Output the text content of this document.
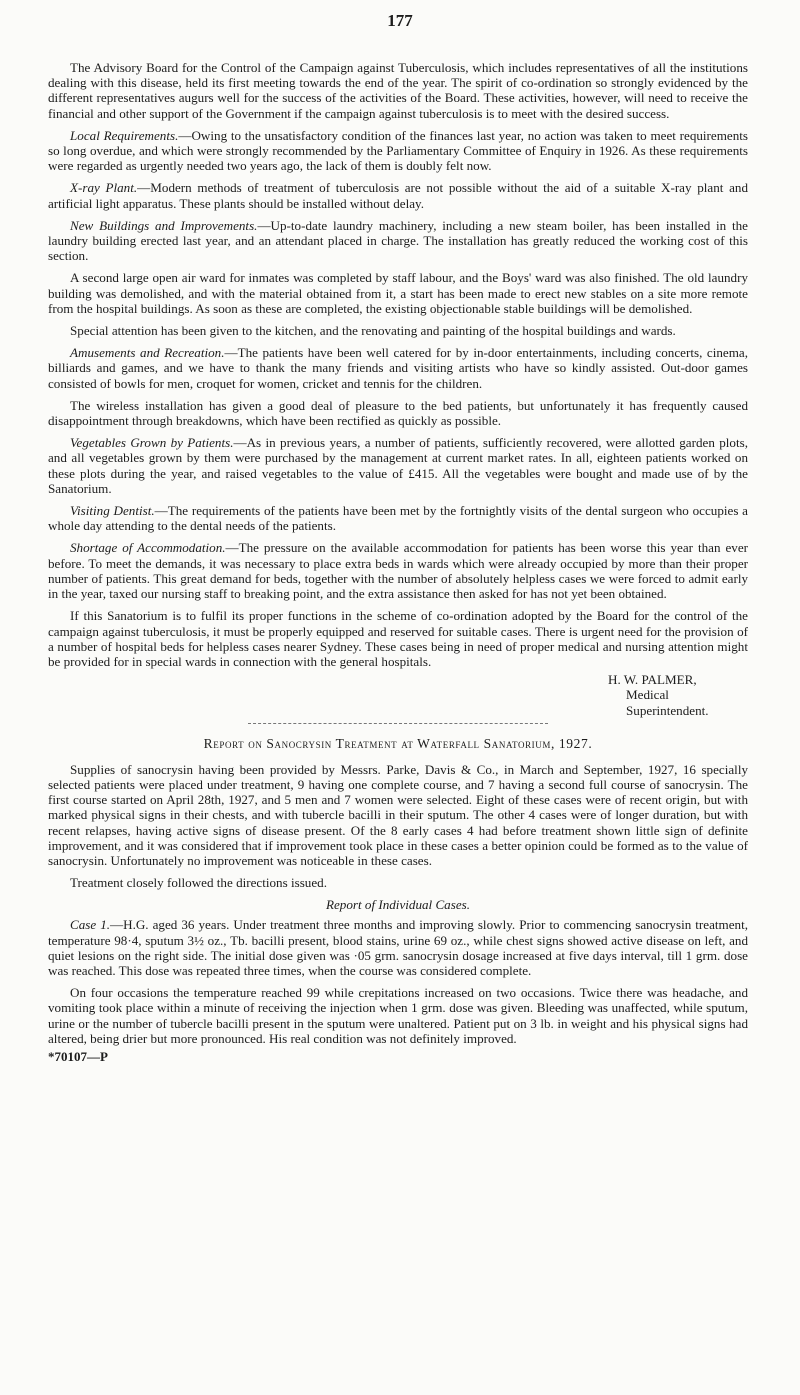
177

The Advisory Board for the Control of the Campaign against Tuberculosis, which includes representatives of all the institutions dealing with this disease, held its first meeting towards the end of the year. The spirit of co-ordination so strongly evidenced by the different representatives augurs well for the success of the activities of the Board. These activities, however, will need to receive the financial and other support of the Government if the campaign against tuberculosis is to meet with the desired success.

Local Requirements.—Owing to the unsatisfactory condition of the finances last year, no action was taken to meet requirements so long overdue, and which were strongly recommended by the Parliamentary Committee of Enquiry in 1926. As these requirements were regarded as urgently needed two years ago, the lack of them is doubly felt now.

X-ray Plant.—Modern methods of treatment of tuberculosis are not possible without the aid of a suitable X-ray plant and artificial light apparatus. These plants should be installed without delay.

New Buildings and Improvements.—Up-to-date laundry machinery, including a new steam boiler, has been installed in the laundry building erected last year, and an attendant placed in charge. The installation has greatly reduced the working cost of this section.

A second large open air ward for inmates was completed by staff labour, and the Boys' ward was also finished. The old laundry building was demolished, and with the material obtained from it, a start has been made to erect new stables on a site more remote from the hospital buildings. As soon as these are completed, the existing objectionable stable buildings will be demolished.

Special attention has been given to the kitchen, and the renovating and painting of the hospital buildings and wards.

Amusements and Recreation.—The patients have been well catered for by in-door entertainments, including concerts, cinema, billiards and games, and we have to thank the many friends and visiting artists who have so kindly assisted. Out-door games consisted of bowls for men, croquet for women, cricket and tennis for the children.

The wireless installation has given a good deal of pleasure to the bed patients, but unfortunately it has frequently caused disappointment through breakdowns, which have been rectified as quickly as possible.

Vegetables Grown by Patients.—As in previous years, a number of patients, sufficiently recovered, were allotted garden plots, and all vegetables grown by them were purchased by the management at current market rates. In all, eighteen patients worked on these plots during the year, and raised vegetables to the value of £415. All the vegetables were bought and made use of by the Sanatorium.

Visiting Dentist.—The requirements of the patients have been met by the fortnightly visits of the dental surgeon who occupies a whole day attending to the dental needs of the patients.

Shortage of Accommodation.—The pressure on the available accommodation for patients has been worse this year than ever before. To meet the demands, it was necessary to place extra beds in wards which were already occupied by more than their proper number of patients. This great demand for beds, together with the number of absolutely helpless cases we were forced to admit early in the year, taxed our nursing staff to breaking point, and the extra assistance then asked for has not yet been obtained.

If this Sanatorium is to fulfil its proper functions in the scheme of co-ordination adopted by the Board for the control of the campaign against tuberculosis, it must be properly equipped and reserved for suitable cases. There is urgent need for the provision of a number of hospital beds for helpless cases nearer Sydney. These cases being in need of proper medical and nursing attention might be provided for in special wards in connection with the general hospitals.

H. W. PALMER,
Medical Superintendent.
Report on Sanocrysin Treatment at Waterfall Sanatorium, 1927.

Supplies of sanocrysin having been provided by Messrs. Parke, Davis & Co., in March and September, 1927, 16 specially selected patients were placed under treatment, 9 having one complete course, and 7 having a second full course of sanocrysin. The first course started on April 28th, 1927, and 5 men and 7 women were selected. Eight of these cases were of recent origin, but with marked physical signs in their chests, and with tubercle bacilli in their sputum. The other 4 cases were of longer duration, but with recent relapses, having active signs of disease present. Of the 8 early cases 4 had before treatment shown little sign of definite improvement, and it was considered that if improvement took place in these cases a better opinion could be formed as to the value of sanocrysin. Unfortunately no improvement was noticeable in these cases.

Treatment closely followed the directions issued.

Report of Individual Cases.

Case 1.—H.G. aged 36 years. Under treatment three months and improving slowly. Prior to commencing sanocrysin treatment, temperature 98·4, sputum 3½ oz., Tb. bacilli present, blood stains, urine 69 oz., while chest signs showed active disease on left, and quiet lesions on the right side. The initial dose given was ·05 grm. sanocrysin dosage increased at five days interval, till 1 grm. dose was reached. This dose was repeated three times, when the course was considered complete.

On four occasions the temperature reached 99 while crepitations increased on two occasions. Twice there was headache, and vomiting took place within a minute of receiving the injection when 1 grm. dose was given. Bleeding was unaffected, while sputum, urine or the number of tubercle bacilli present in the sputum were unaltered. Patient put on 3 lb. in weight and his physical signs had altered, being drier but more pronounced. His real condition was not definitely improved.

*70107—P
